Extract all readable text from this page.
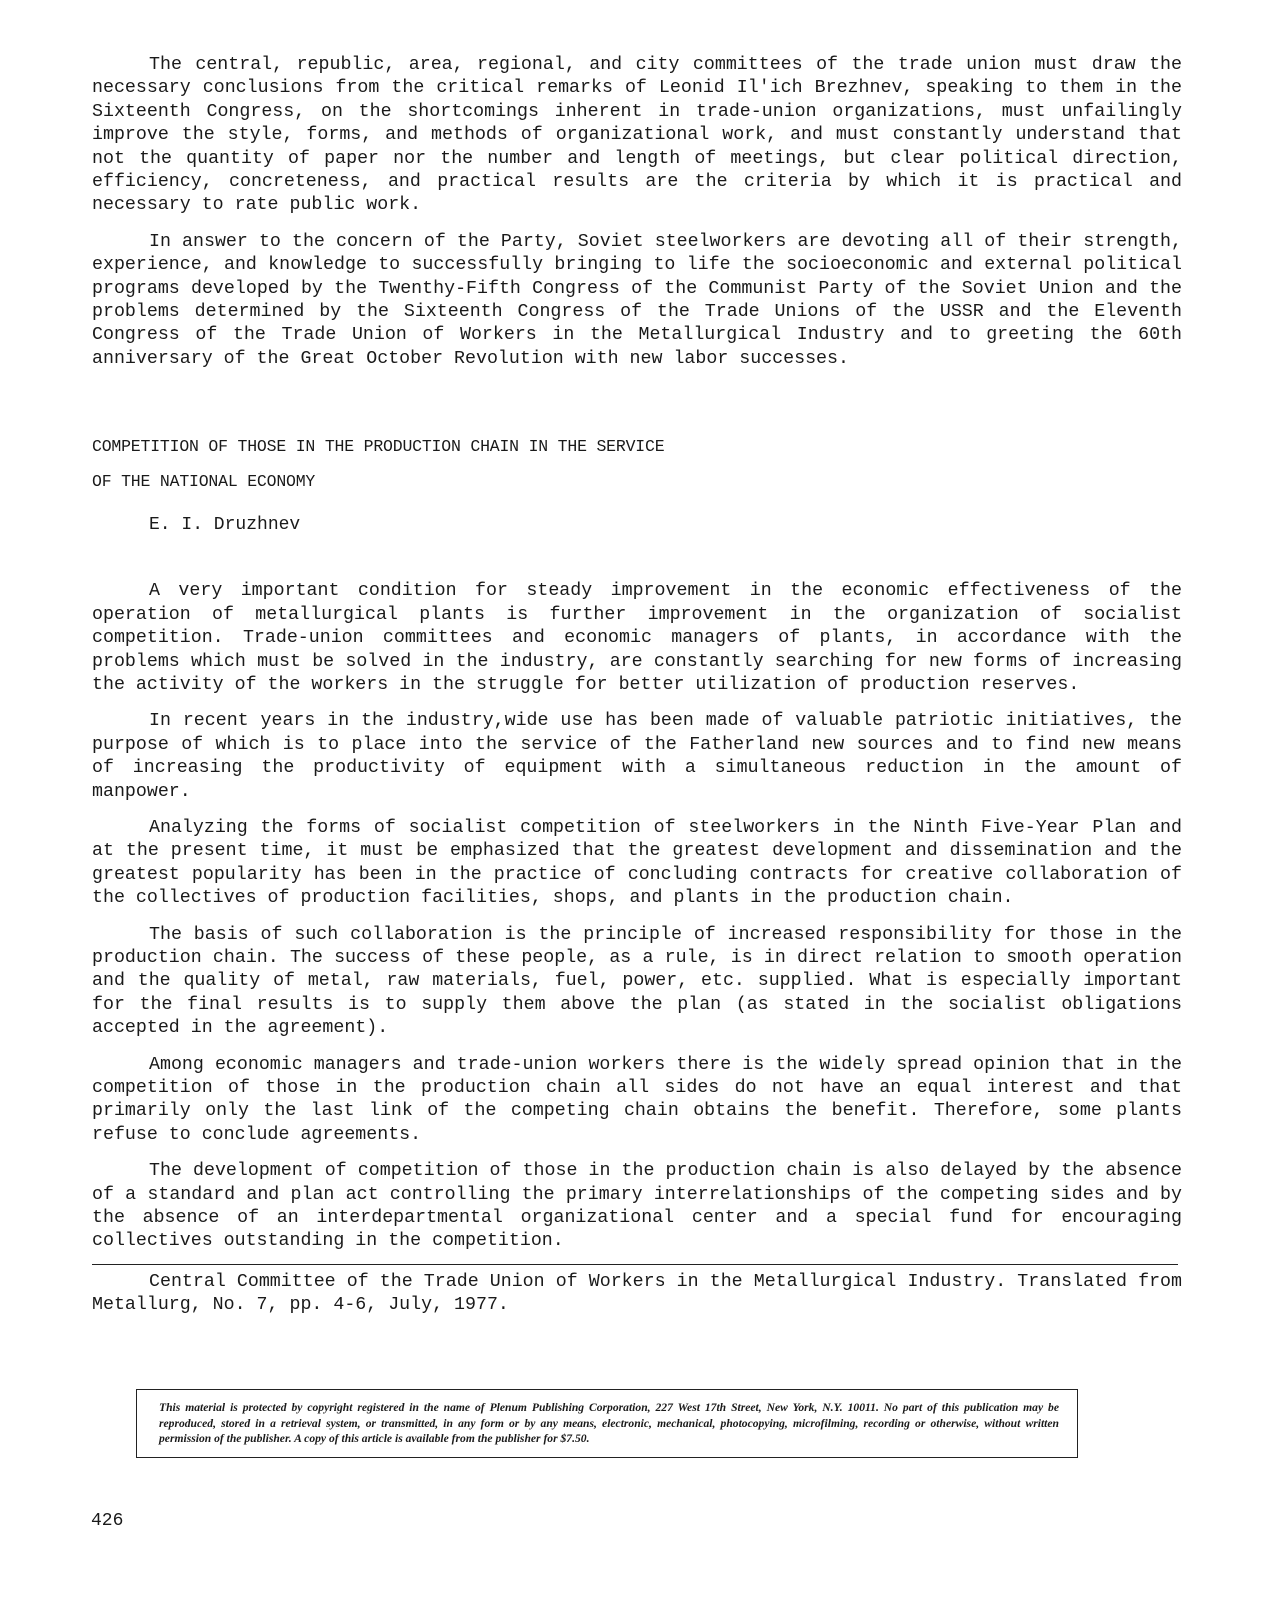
The central, republic, area, regional, and city committees of the trade union must draw the necessary conclusions from the critical remarks of Leonid Il'ich Brezhnev, speaking to them in the Sixteenth Congress, on the shortcomings inherent in trade-union organizations, must unfailingly improve the style, forms, and methods of organizational work, and must constantly understand that not the quantity of paper nor the number and length of meetings, but clear political direction, efficiency, concreteness, and practical results are the criteria by which it is practical and necessary to rate public work.

In answer to the concern of the Party, Soviet steelworkers are devoting all of their strength, experience, and knowledge to successfully bringing to life the socioeconomic and external political programs developed by the Twenthy-Fifth Congress of the Communist Party of the Soviet Union and the problems determined by the Sixteenth Congress of the Trade Unions of the USSR and the Eleventh Congress of the Trade Union of Workers in the Metallurgical Industry and to greeting the 60th anniversary of the Great October Revolution with new labor successes.

COMPETITION OF THOSE IN THE PRODUCTION CHAIN IN THE SERVICE
OF THE NATIONAL ECONOMY
E. I. Druzhnev

A very important condition for steady improvement in the economic effectiveness of the operation of metallurgical plants is further improvement in the organization of socialist competition. Trade-union committees and economic managers of plants, in accordance with the problems which must be solved in the industry, are constantly searching for new forms of increasing the activity of the workers in the struggle for better utilization of production reserves.

In recent years in the industry,wide use has been made of valuable patriotic initiatives, the purpose of which is to place into the service of the Fatherland new sources and to find new means of increasing the productivity of equipment with a simultaneous reduction in the amount of manpower.

Analyzing the forms of socialist competition of steelworkers in the Ninth Five-Year Plan and at the present time, it must be emphasized that the greatest development and dissemination and the greatest popularity has been in the practice of concluding contracts for creative collaboration of the collectives of production facilities, shops, and plants in the production chain.

The basis of such collaboration is the principle of increased responsibility for those in the production chain. The success of these people, as a rule, is in direct relation to smooth operation and the quality of metal, raw materials, fuel, power, etc. supplied. What is especially important for the final results is to supply them above the plan (as stated in the socialist obligations accepted in the agreement).

Among economic managers and trade-union workers there is the widely spread opinion that in the competition of those in the production chain all sides do not have an equal interest and that primarily only the last link of the competing chain obtains the benefit. Therefore, some plants refuse to conclude agreements.

The development of competition of those in the production chain is also delayed by the absence of a standard and plan act controlling the primary interrelationships of the competing sides and by the absence of an interdepartmental organizational center and a special fund for encouraging collectives outstanding in the competition.

Central Committee of the Trade Union of Workers in the Metallurgical Industry. Translated from Metallurg, No. 7, pp. 4-6, July, 1977.

This material is protected by copyright registered in the name of Plenum Publishing Corporation, 227 West 17th Street, New York, N.Y. 10011. No part of this publication may be reproduced, stored in a retrieval system, or transmitted, in any form or by any means, electronic, mechanical, photocopying, microfilming, recording or otherwise, without written permission of the publisher. A copy of this article is available from the publisher for $7.50.
426
